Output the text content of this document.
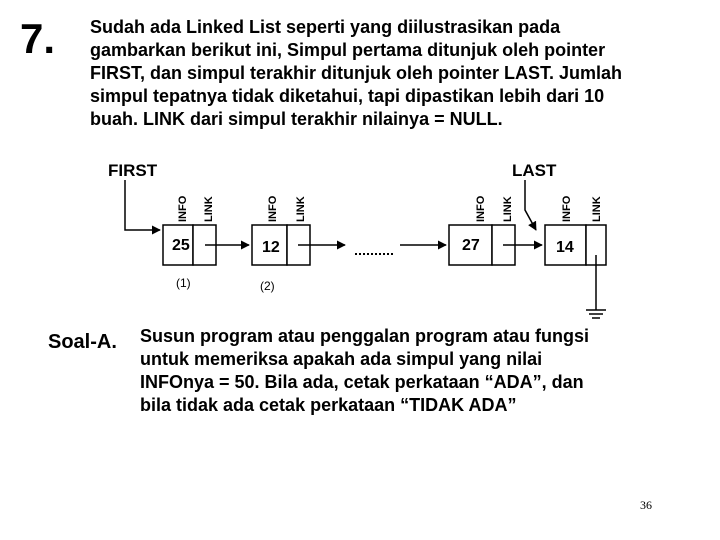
7. Sudah ada Linked List seperti yang diilustrasikan pada
gambarkan berikut ini, Simpul pertama ditunjuk oleh pointer
FIRST, dan simpul terakhir ditunjuk oleh pointer LAST. Jumlah
simpul tepatnya tidak diketahui, tapi dipastikan lebih dari 10
buah. LINK dari simpul terakhir nilainya = NULL.
FIRST	LAST
INFO LINK
25
(1)
INFO LINK
12
(2)
INFO LINK
27
INFO LINK
14
Soal-A. Susun program atau penggalan program atau fungsi
untuk memeriksa apakah ada simpul yang nilai
INFOnya = 50. Bila ada, cetak perkataan “ADA”, dan
bila tidak ada cetak perkataan “TIDAK ADA”
36
